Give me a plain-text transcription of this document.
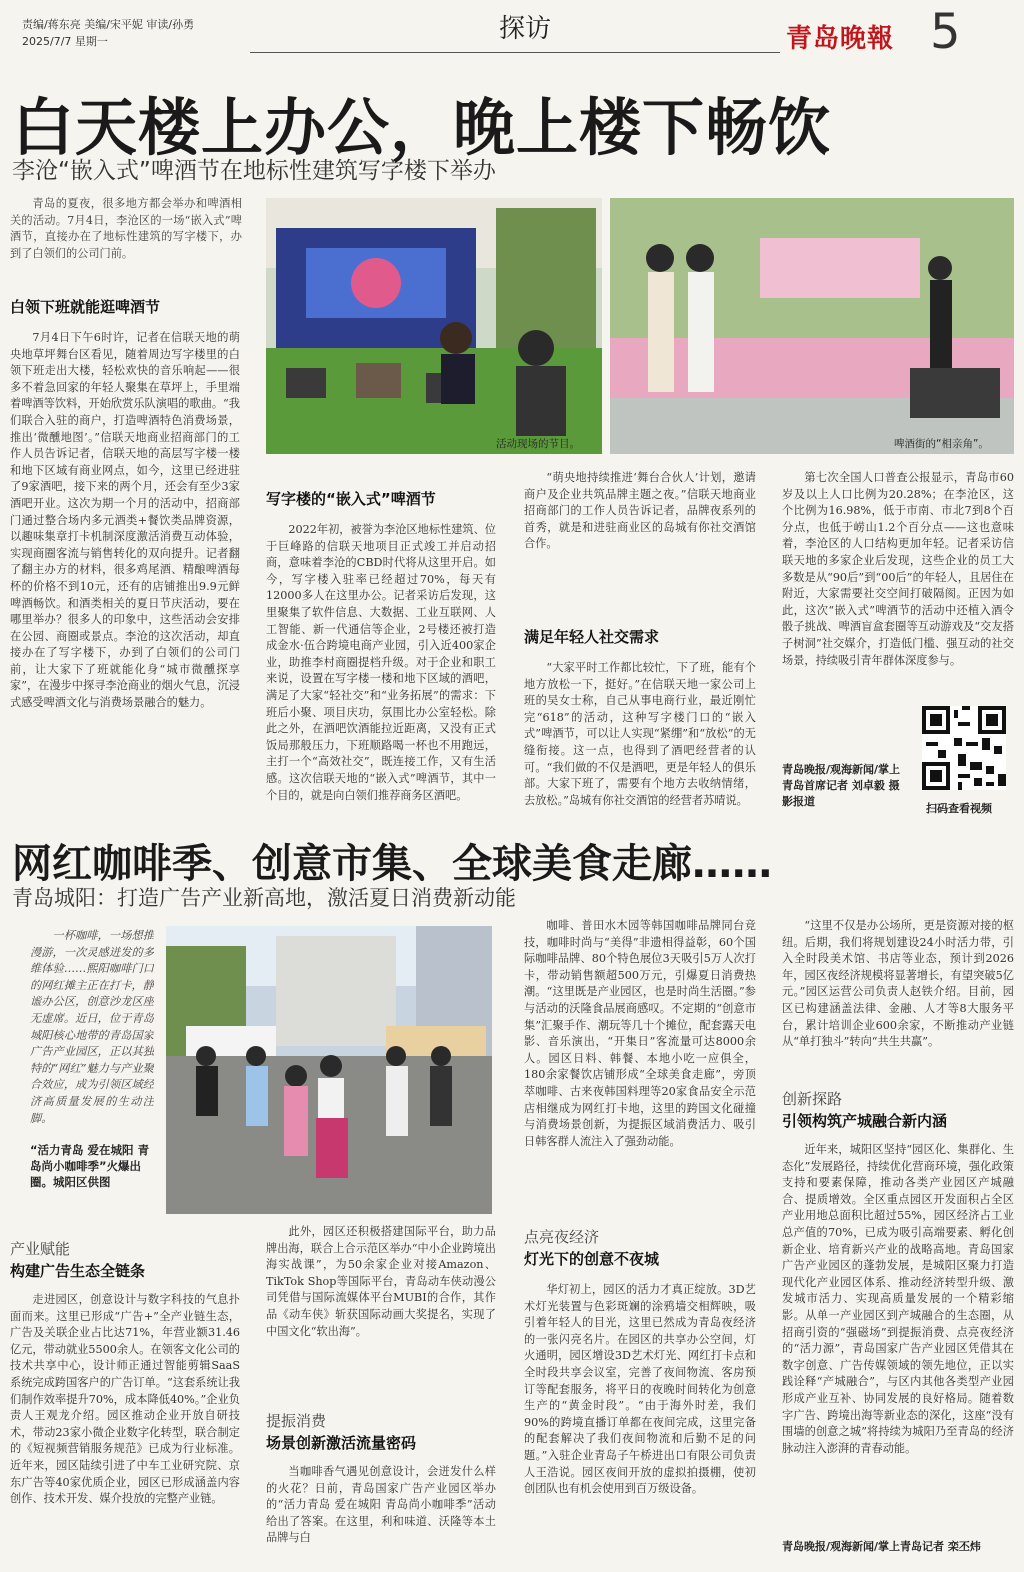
责编/蒋东亮 美编/宋平妮 审读/孙勇
2025/7/7 星期一	探访	青岛晚報 5
白天楼上办公，晚上楼下畅饮
李沧“嵌入式”啤酒节在地标性建筑写字楼下举办

青岛的夏夜，很多地方都会举办和啤酒相关的活动。7月4日，李沧区的一场“嵌入式”啤酒节，直接办在了地标性建筑的写字楼下，办到了白领们的公司门前。

白领下班就能逛啤酒节

7月4日下午6时许，记者在信联天地的萌央地草坪舞台区看见，随着周边写字楼里的白领下班走出大楼，轻松欢快的音乐响起——很多不着急回家的年轻人聚集在草坪上，手里端着啤酒等饮料，开始欣赏乐队演唱的歌曲。“我们联合入驻的商户，打造啤酒特色消费场景，推出‘微醺地图’。”信联天地商业招商部门的工作人员告诉记者，信联天地的高层写字楼一楼和地下区域有商业网点，如今，这里已经进驻了9家酒吧，接下来的两个月，还会有至少3家酒吧开业。这次为期一个月的活动中，招商部门通过整合场内多元酒类+餐饮类品牌资源，以趣味集章打卡机制深度激活消费互动体验，实现商圈客流与销售转化的双向提升。记者翻了翻主办方的材料，很多鸡尾酒、精酿啤酒每杯的价格不到10元，还有的店铺推出9.9元鲜啤酒畅饮。和酒类相关的夏日节庆活动，要在哪里举办？很多人的印象中，这些活动会安排在公园、商圈或景点。李沧的这次活动，却直接办在了写字楼下，办到了白领们的公司门前，让大家下了班就能化身“城市微醺探享家”，在漫步中探寻李沧商业的烟火气息，沉浸式感受啤酒文化与消费场景融合的魅力。

活动现场的节目。	啤酒街的“相亲角”。
写字楼的“嵌入式”啤酒节

2022年初，被誉为李沧区地标性建筑、位于巨峰路的信联天地项目正式竣工并启动招商，意味着李沧的CBD时代将从这里开启。如今，写字楼入驻率已经超过70%，每天有12000多人在这里办公。记者采访后发现，这里聚集了软件信息、大数据、工业互联网、人工智能、新一代通信等企业，2号楼还被打造成金水·伍合跨境电商产业园，引入近400家企业，助推李村商圈提档升级。对于企业和职工来说，设置在写字楼一楼和地下区域的酒吧，满足了大家“轻社交”和“业务拓展”的需求：下班后小聚、项目庆功，氛围比办公室轻松。除此之外，在酒吧饮酒能拉近距离，又没有正式饭局那般压力，下班顺路喝一杯也不用跑远，主打一个“高效社交”，既连接工作，又有生活感。这次信联天地的“嵌入式”啤酒节，其中一个目的，就是向白领们推荐商务区酒吧。

“萌央地持续推进‘舞台合伙人’计划，邀请商户及企业共筑品牌主题之夜。”信联天地商业招商部门的工作人员告诉记者，品牌夜系列的首秀，就是和进驻商业区的岛城有你社交酒馆合作。

满足年轻人社交需求

“大家平时工作都比较忙，下了班，能有个地方放松一下，挺好。”在信联天地一家公司上班的吴女士称，自己从事电商行业，最近刚忙完“618”的活动，这种写字楼门口的“嵌入式”啤酒节，可以让人实现“紧绷”和“放松”的无缝衔接。这一点，也得到了酒吧经营者的认可。“我们做的不仅是酒吧，更是年轻人的俱乐部。大家下班了，需要有个地方去收纳情绪，去放松。”岛城有你社交酒馆的经营者苏晴说。

第七次全国人口普查公报显示，青岛市60岁及以上人口比例为20.28%；在李沧区，这个比例为16.98%，低于市南、市北7到8个百分点，也低于崂山1.2个百分点——这也意味着，李沧区的人口结构更加年轻。记者采访信联天地的多家企业后发现，这些企业的员工大多数是从“90后”到“00后”的年轻人，且居住在附近，大家需要社交空间打破隔阂。正因为如此，这次“嵌入式”啤酒节的活动中还植入酒令骰子挑战、啤酒盲盒套圈等互动游戏及“交友搭子树洞”社交媒介，打造低门槛、强互动的社交场景，持续吸引青年群体深度参与。

青岛晚报/观海新闻/掌上青岛首席记者 刘卓毅 摄影报道
扫码查看视频
网红咖啡季、创意市集、全球美食走廊……
青岛城阳：打造广告产业新高地，激活夏日消费新动能

一杯咖啡，一场想推漫游，一次灵感迸发的多维体验……熙阳咖啡门口的网红摊主正在打卡，静谧办公区，创意沙龙区座无虚席。近日，位于青岛城阳核心地带的青岛国家广告产业园区，正以其独特的“网红”魅力与产业聚合效应，成为引领区域经济高质量发展的生动注脚。

“活力青岛 爱在城阳 青岛尚小咖啡季”火爆出圈。城阳区供图
产业赋能
构建广告生态全链条

走进园区，创意设计与数字科技的气息扑面而来。这里已形成“广告+”全产业链生态，广告及关联企业占比达71%，年营业额31.46亿元，带动就业5500余人。在领客文化公司的技术共享中心，设计师正通过智能剪辑SaaS系统完成跨国客户的广告订单。“这套系统让我们制作效率提升70%，成本降低40%。”企业负责人王观龙介绍。园区推动企业开放自研技术，带动23家小微企业数字化转型，联合制定的《短视频营销服务规范》已成为行业标准。近年来，园区陆续引进了中车工业研究院、京东广告等40家优质企业，园区已形成涵盖内容创作、技术开发、媒介投放的完整产业链。

此外，园区还积极搭建国际平台，助力品牌出海，联合上合示范区举办“中小企业跨境出海实战课”，为50余家企业对接Amazon、TikTok Shop等国际平台，青岛动车侠动漫公司凭借与国际流媒体平台MUBI的合作，其作品《动车侠》斩获国际动画大奖提名，实现了中国文化“软出海”。

提振消费
场景创新激活流量密码

当咖啡香气遇见创意设计，会迸发什么样的火花？日前，青岛国家广告产业园区举办的“活力青岛 爱在城阳 青岛尚小咖啡季”活动给出了答案。在这里，利和味道、沃隆等本土品牌与白

咖啡、普田水木园等韩国咖啡品牌同台竞技，咖啡时尚与“美得”非遗相得益彰，60个国际咖啡品牌、80个特色展位3天吸引5万人次打卡，带动销售额超500万元，引爆夏日消费热潮。“这里既是产业园区，也是时尚生活圈。”参与活动的沃隆食品展商感叹。不定期的“创意市集”汇聚手作、潮玩等几十个摊位，配套露天电影、音乐演出，“开集日”客流量可达8000余人。园区日料、韩餐、本地小吃一应俱全，180余家餐饮店铺形成“全球美食走廊”，旁顶萃咖啡、古来夜韩国料理等20家食品安全示范店相继成为网红打卡地，这里的跨国文化碰撞与消费场景创新，为提振区域消费活力、吸引日韩客群人流注入了强劲动能。

点亮夜经济
灯光下的创意不夜城

华灯初上，园区的活力才真正绽放。3D艺术灯光装置与色彩斑斓的涂鸦墙交相辉映，吸引着年轻人的目光，这里已然成为青岛夜经济的一张闪亮名片。在园区的共享办公空间，灯火通明，园区增设3D艺术灯光、网红打卡点和全时段共享会议室，完善了夜间物流、客房预订等配套服务，将平日的夜晚时间转化为创意生产的“黄金时段”。“由于海外时差，我们90%的跨境直播订单都在夜间完成，这里完备的配套解决了我们夜间物流和后勤不足的问题。”入驻企业青岛子午桥进出口有限公司负责人王浩说。园区夜间开放的虚拟拍摄棚，使初创团队也有机会使用到百万级设备。

“这里不仅是办公场所，更是资源对接的枢纽。后期，我们将规划建设24小时活力带，引入全时段美术馆、书店等业态，预计到2026年，园区夜经济规模将显著增长，有望突破5亿元。”园区运营公司负责人赵铁介绍。目前，园区已构建涵盖法律、金融、人才等8大服务平台，累计培训企业600余家，不断推动产业链从“单打独斗”转向“共生共赢”。

创新探路
引领构筑产城融合新内涵

近年来，城阳区坚持“园区化、集群化、生态化”发展路径，持续优化营商环境，强化政策支持和要素保障，推动各类产业园区产城融合、提质增效。全区重点园区开发面积占全区产业用地总面积比超过55%，园区经济占工业总产值的70%，已成为吸引高端要素、孵化创新企业、培育新兴产业的战略高地。青岛国家广告产业园区的蓬勃发展，是城阳区聚力打造现代化产业园区体系、推动经济转型升级、激发城市活力、实现高质量发展的一个精彩缩影。从单一产业园区到产城融合的生态圈，从招商引资的“强磁场”到提振消费、点亮夜经济的“活力源”，青岛国家广告产业园区凭借其在数字创意、广告传媒领域的领先地位，正以实践诠释“产城融合”，与区内其他各类型产业园形成产业互补、协同发展的良好格局。随着数字广告、跨境出海等新业态的深化，这座“没有围墙的创意之城”将持续为城阳乃至青岛的经济脉动注入澎湃的青春动能。

青岛晚报/观海新闻/掌上青岛记者 栾丕炜
